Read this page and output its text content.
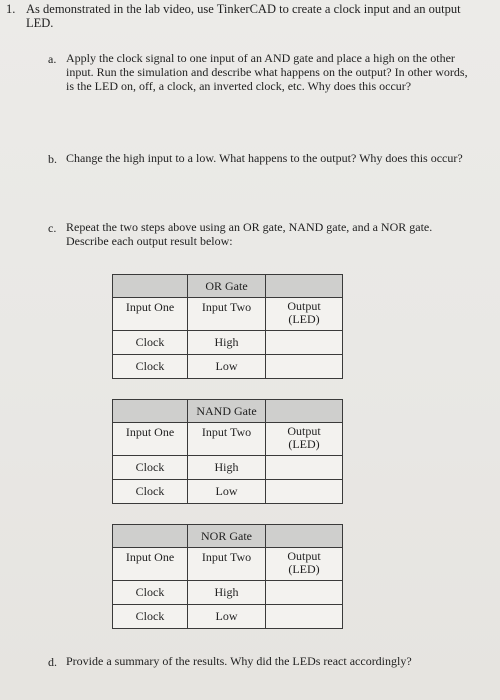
1. As demonstrated in the lab video, use TinkerCAD to create a clock input and an output LED.
a. Apply the clock signal to one input of an AND gate and place a high on the other input. Run the simulation and describe what happens on the output? In other words, is the LED on, off, a clock, an inverted clock, etc. Why does this occur?
b. Change the high input to a low. What happens to the output? Why does this occur?
c. Repeat the two steps above using an OR gate, NAND gate, and a NOR gate. Describe each output result below:
	OR Gate	
Input One	Input Two	Output
(LED)

Clock	High	
Clock	Low	
	NAND Gate	
Input One	Input Two	Output
(LED)

Clock	High	
Clock	Low	
	NOR Gate	
Input One	Input Two	Output
(LED)

Clock	High	
Clock	Low	
d. Provide a summary of the results. Why did the LEDs react accordingly?
